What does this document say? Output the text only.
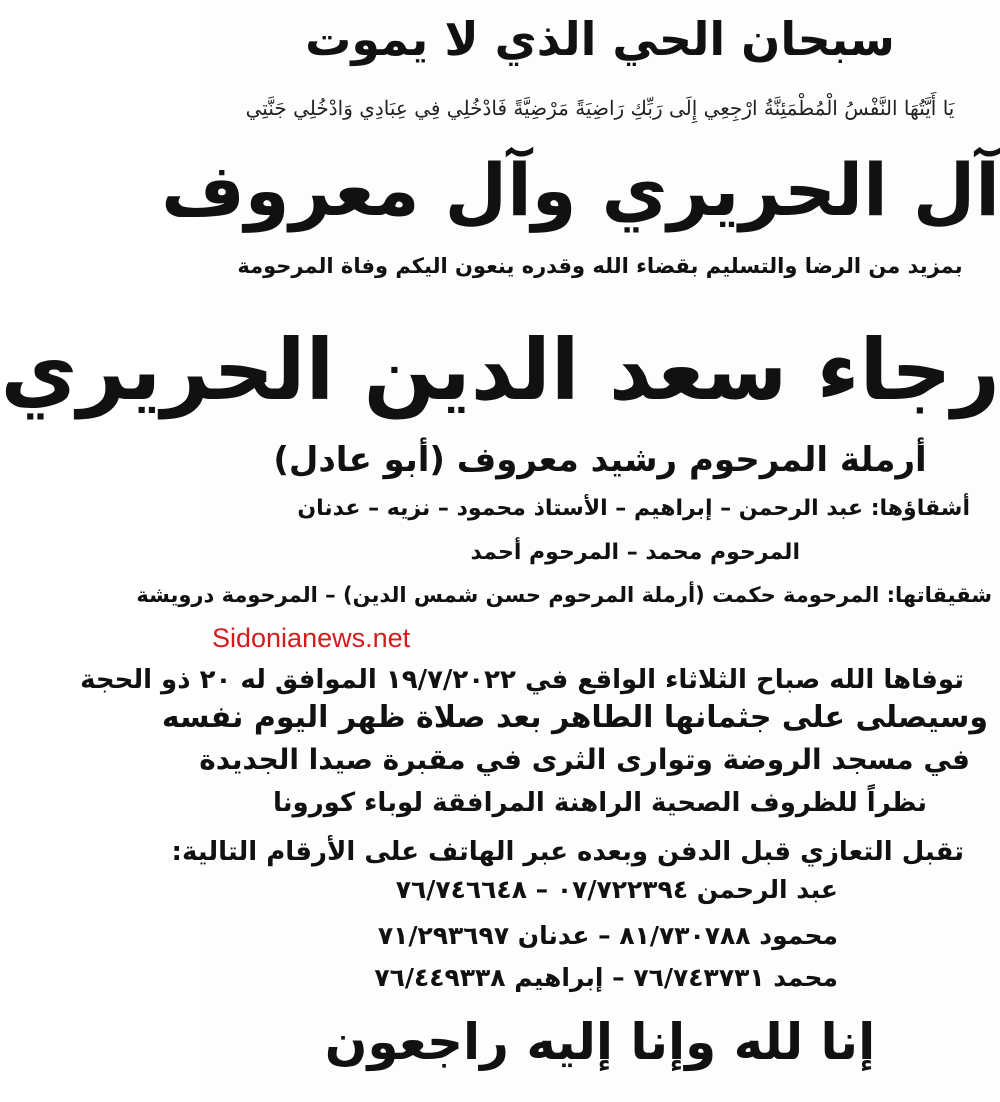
سبحان الحي الذي لا يموت
يَا أَيَّتُهَا النَّفْسُ الْمُطْمَئِنَّةُ ارْجِعِي إِلَى رَبِّكِ رَاضِيَةً مَرْضِيَّةً فَادْخُلِي فِي عِبَادِي وَادْخُلِي جَنَّتِي
آل الحريري وآل معروف
بمزيد من الرضا والتسليم بقضاء الله وقدره ينعون اليكم وفاة المرحومة
رجاء سعد الدين الحريري
أرملة المرحوم رشيد معروف (أبو عادل)
أشقاؤها: عبد الرحمن – إبراهيم – الأستاذ محمود – نزيه – عدنان
المرحوم محمد – المرحوم أحمد
شقيقاتها: المرحومة حكمت (أرملة المرحوم حسن شمس الدين) – المرحومة درويشة
Sidonianews.net
توفاها الله صباح الثلاثاء الواقع في ١٩/٧/٢٠٢٢ الموافق له ٢٠ ذو الحجة
وسيصلى على جثمانها الطاهر بعد صلاة ظهر اليوم نفسه
في مسجد الروضة وتوارى الثرى في مقبرة صيدا الجديدة
نظراً للظروف الصحية الراهنة المرافقة لوباء كورونا
تقبل التعازي قبل الدفن وبعده عبر الهاتف على الأرقام التالية:
عبد الرحمن ٠٧/٧٢٢٣٩٤ – ٧٦/٧٤٦٦٤٨
محمود ٨١/٧٣٠٧٨٨ – عدنان ٧١/٢٩٣٦٩٧
محمد ٧٦/٧٤٣٧٣١ – إبراهيم ٧٦/٤٤٩٣٣٨
إنا لله وإنا إليه راجعون
